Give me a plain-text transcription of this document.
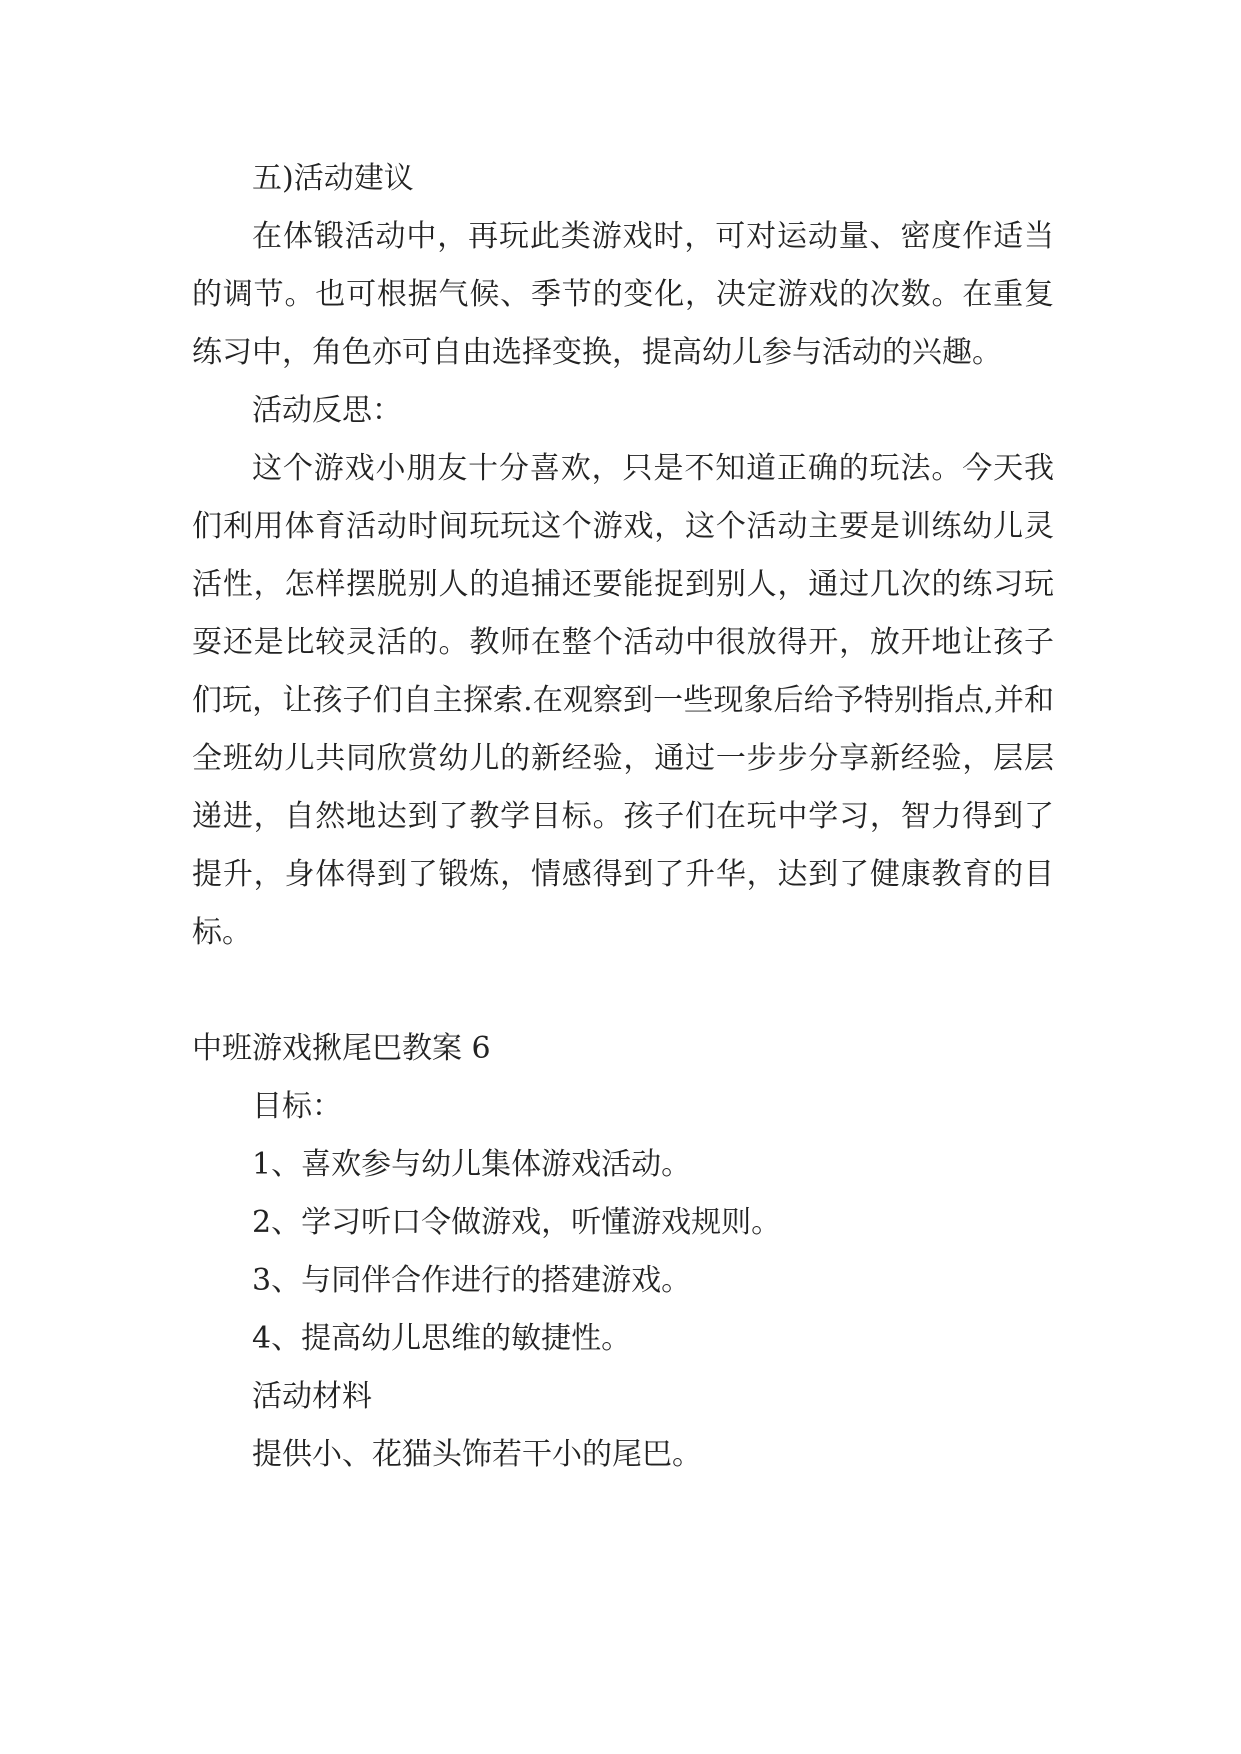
五)活动建议

在体锻活动中，再玩此类游戏时，可对运动量、密度作适当的调节。也可根据气候、季节的变化，决定游戏的次数。在重复练习中，角色亦可自由选择变换，提高幼儿参与活动的兴趣。

活动反思：

这个游戏小朋友十分喜欢，只是不知道正确的玩法。今天我们利用体育活动时间玩玩这个游戏，这个活动主要是训练幼儿灵活性，怎样摆脱别人的追捕还要能捉到别人，通过几次的练习玩耍还是比较灵活的。教师在整个活动中很放得开，放开地让孩子们玩，让孩子们自主探索.在观察到一些现象后给予特别指点,并和全班幼儿共同欣赏幼儿的新经验，通过一步步分享新经验，层层递进，自然地达到了教学目标。孩子们在玩中学习，智力得到了提升，身体得到了锻炼，情感得到了升华，达到了健康教育的目标。

中班游戏揪尾巴教案 6

目标：

1、喜欢参与幼儿集体游戏活动。

2、学习听口令做游戏，听懂游戏规则。

3、与同伴合作进行的搭建游戏。

4、提高幼儿思维的敏捷性。

活动材料

提供小、花猫头饰若干小的尾巴。
